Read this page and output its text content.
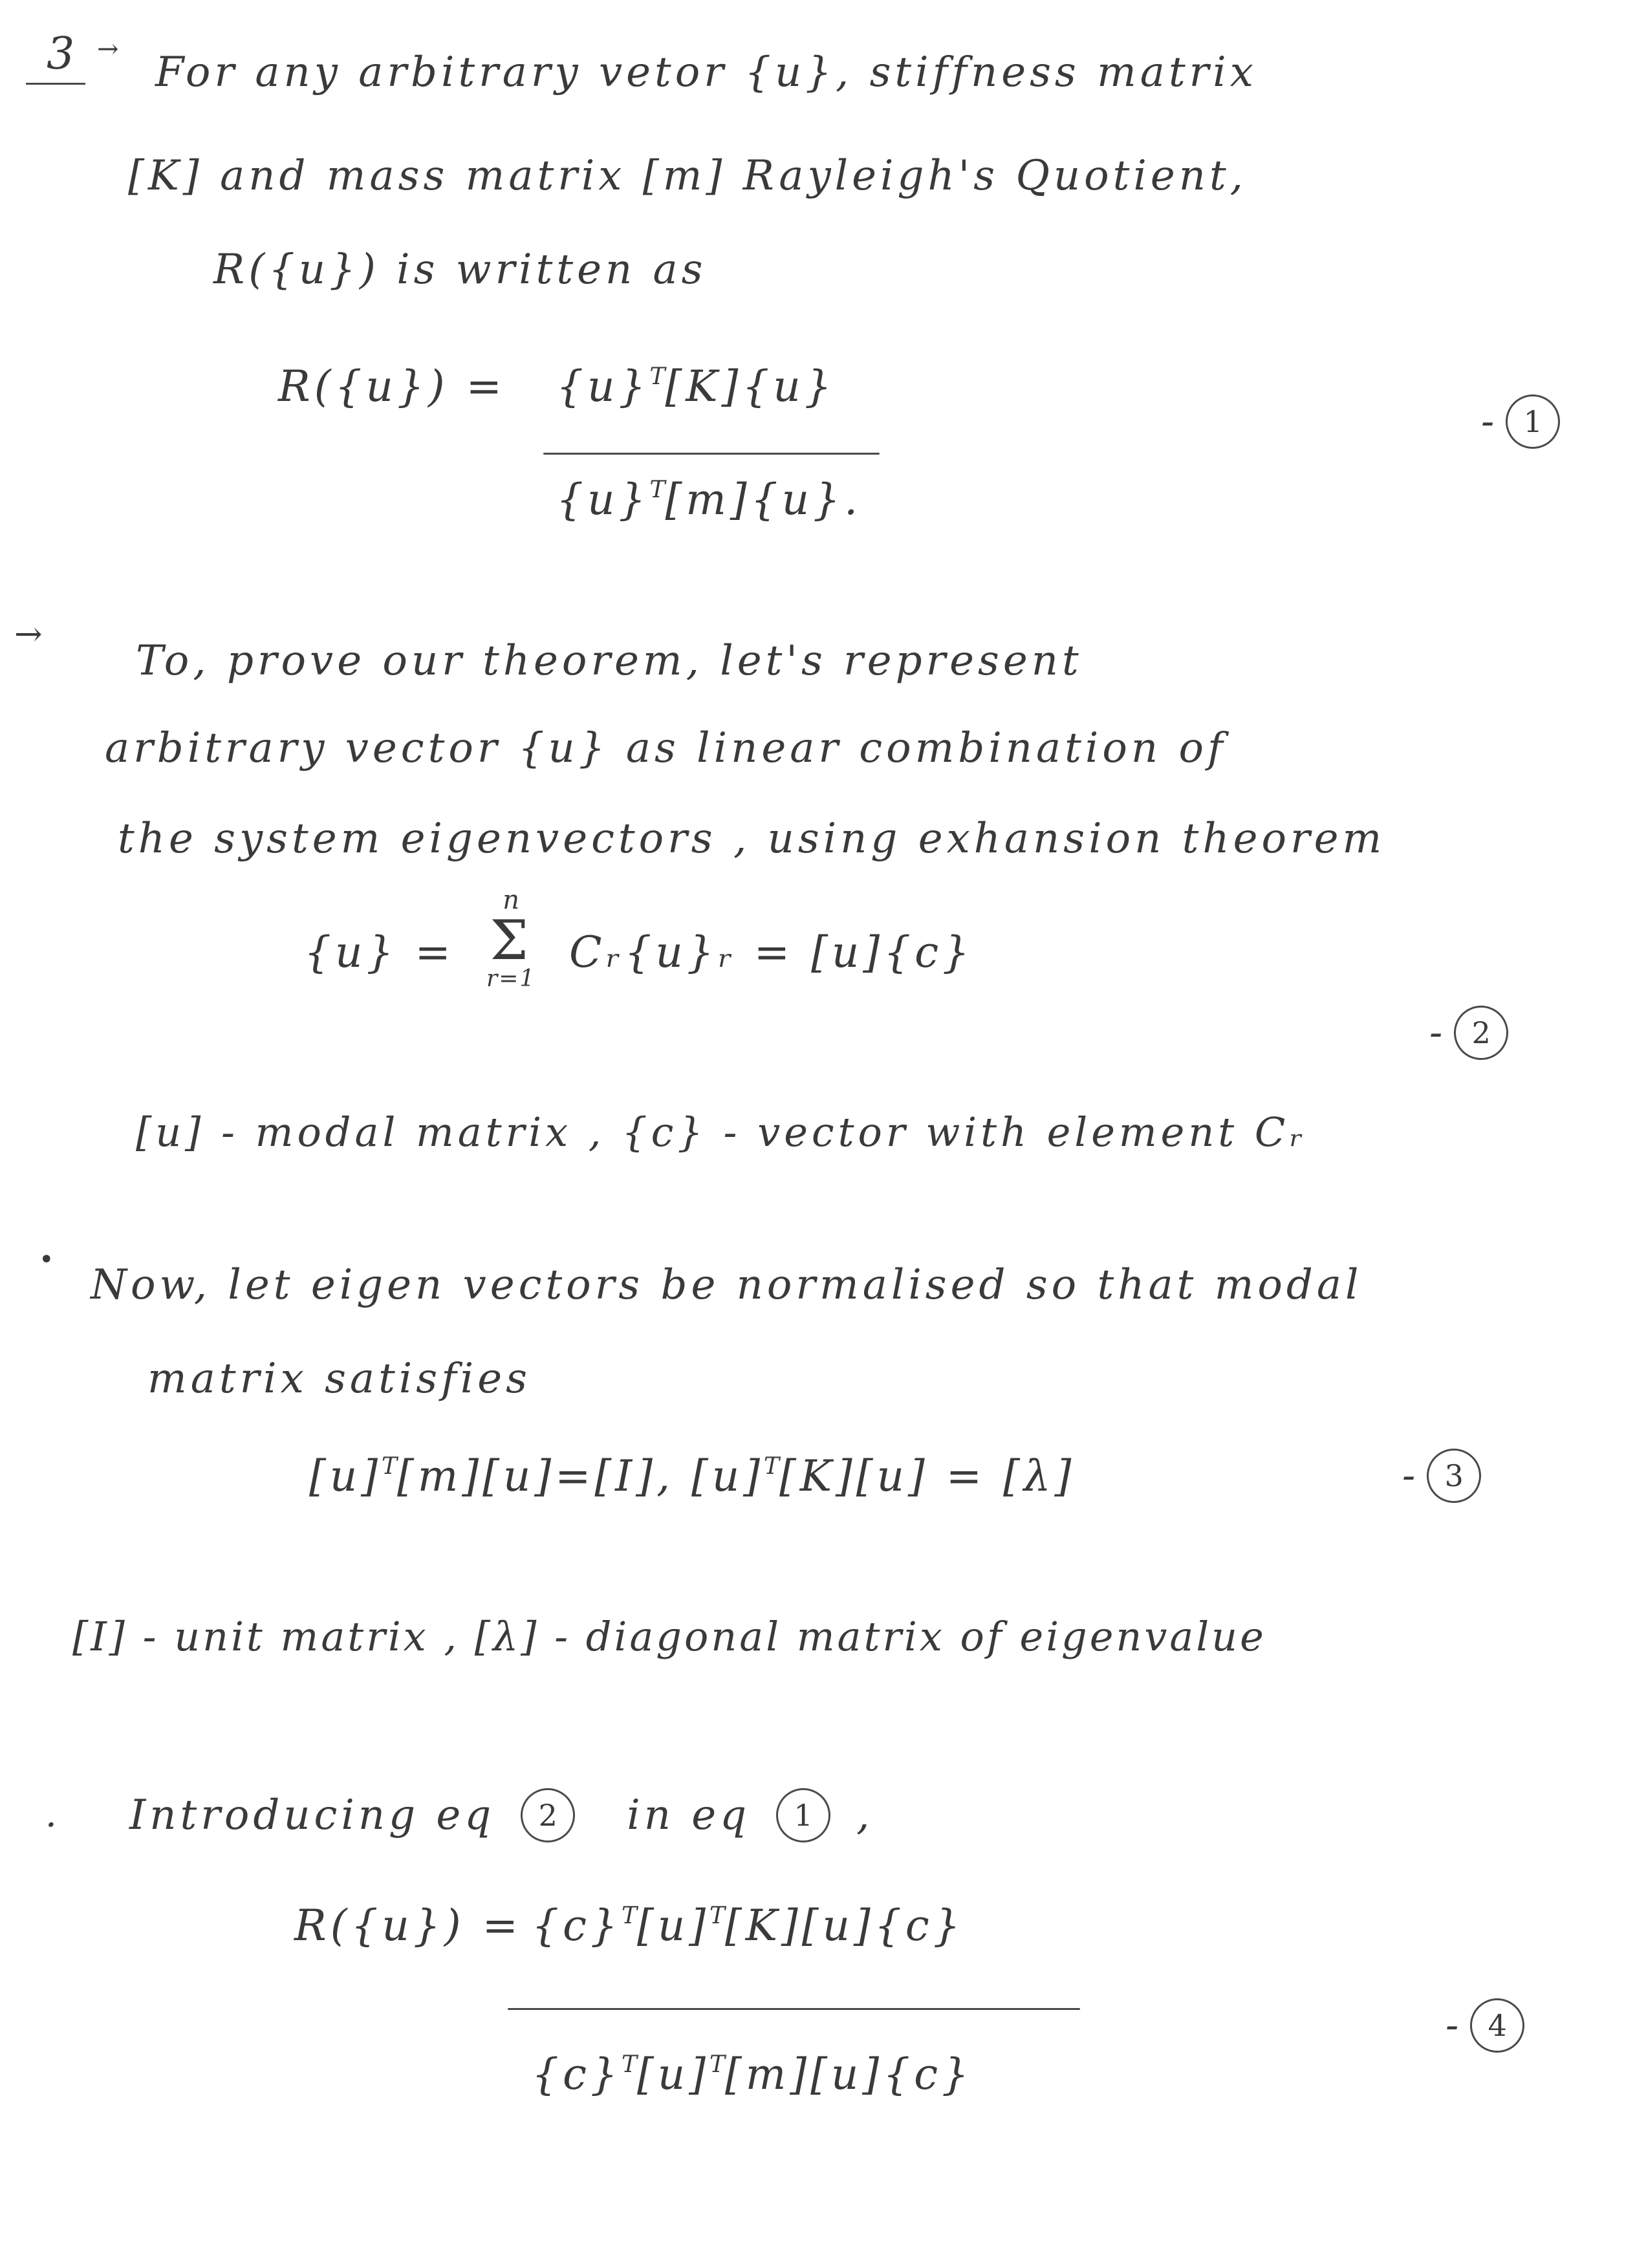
3 → For any arbitrary vetor {u}, stiffness matrix
[K] and mass matrix [m] Rayleigh's Quotient,
R({u}) is written as
$R(\{u\}) = \{u\}^T[K]\{u\}$
$\{u\}^T[m]\{u\}$.
- 1
→
To, prove our theorem, let's represent
arbitrary vector {u} as linear combination of
the system eigenvectors , using exhansion theorem
{u} =
n
Σ
r=1
Cᵣ{u}ᵣ = [u]{c}
- 2
[u] - modal matrix , {c} - vector with element Cᵣ
•
Now, let eigen vectors be normalised so that modal
matrix satisfies
$[u]^T[m][u]=[I]$, $[u]^T[K][u] = [\lambda]$	- 3
[I] - unit matrix , [λ] - diagonal matrix of eigenvalue
· Introducing eq	2	in eq	1	,
$R(\{u\}) = \{c\}^T[u]^T[K][u]\{c\}$
$\{c\}^T[u]^T[m][u]\{c\}$
- 4
